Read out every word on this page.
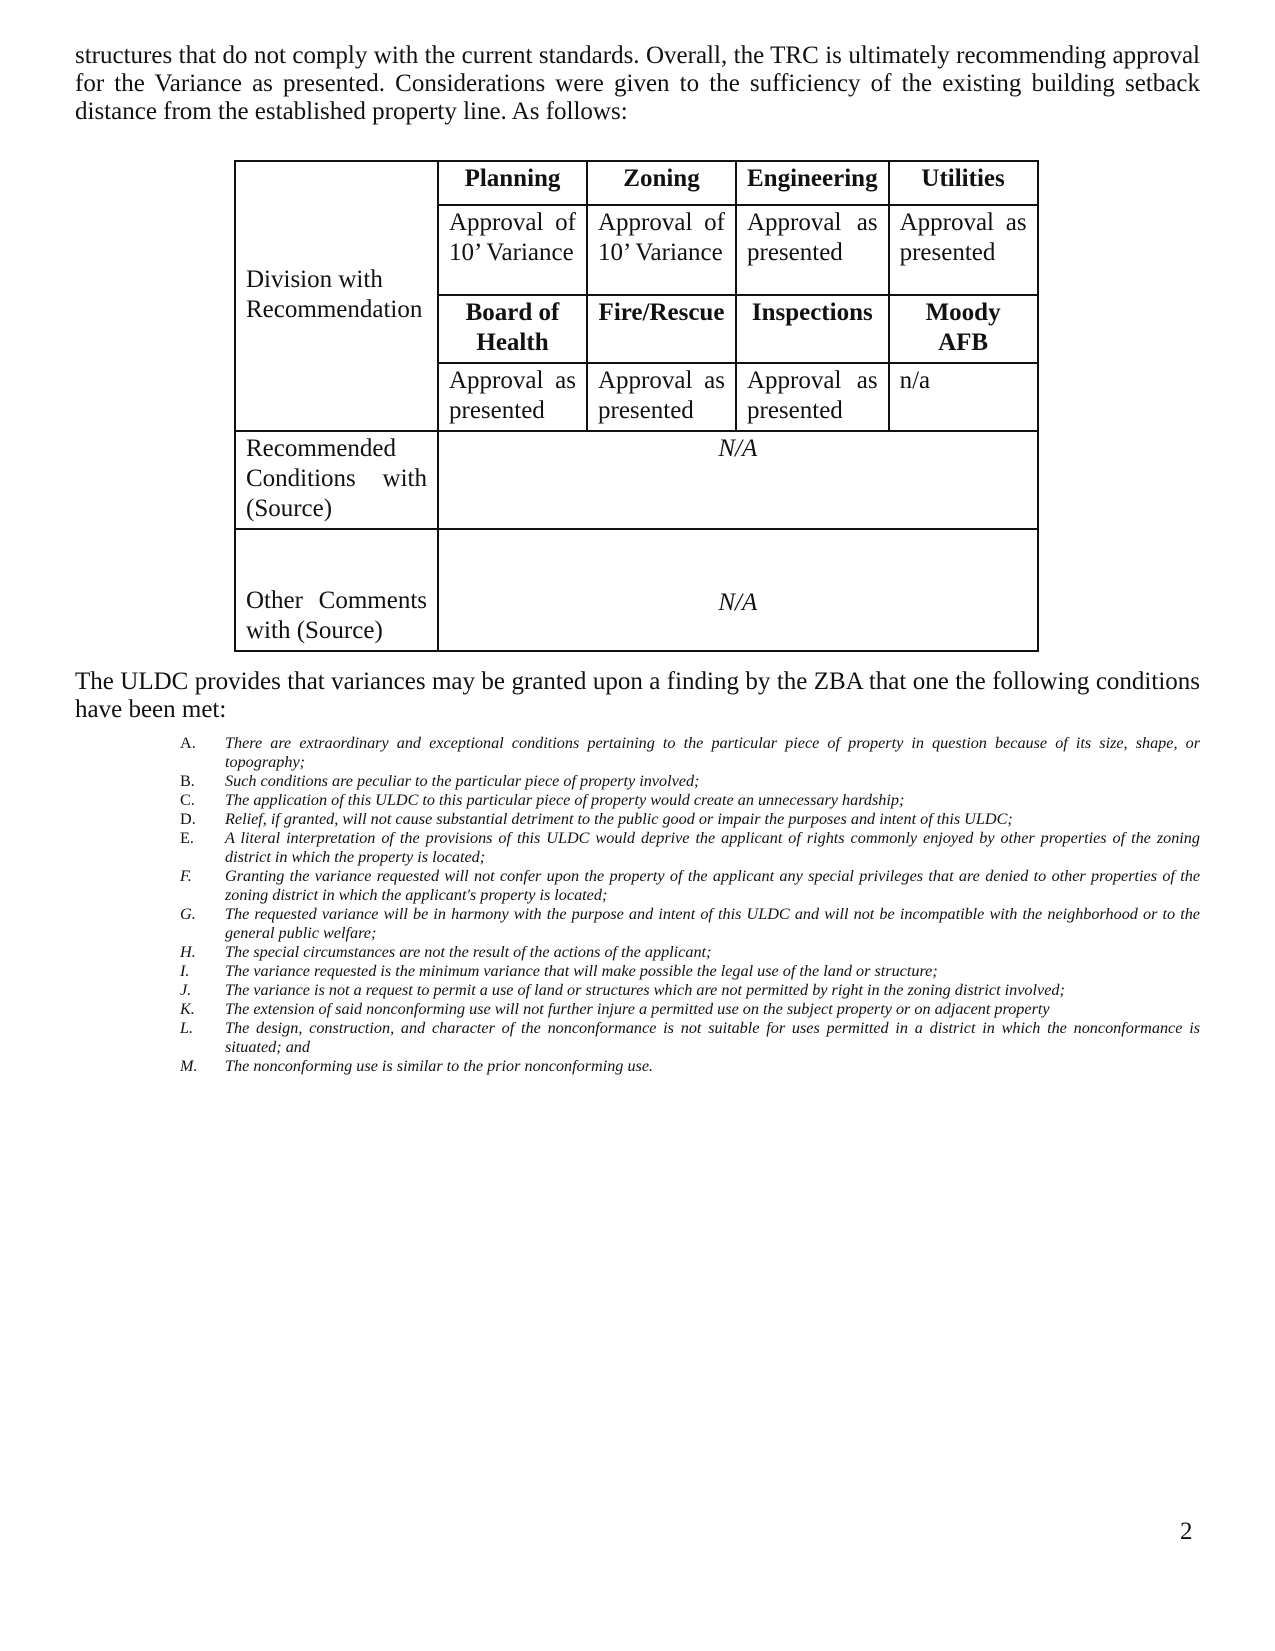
structures that do not comply with the current standards. Overall, the TRC is ultimately recommending approval
for the Variance as presented. Considerations were given to the sufficiency of the existing building setback
distance from the established property line. As follows:
Division with Recommendation	Planning	Zoning	Engineering	Utilities
	Approval of 10’ Variance	Approval of 10’ Variance	Approval as presented	Approval as presented
	Board of Health	Fire/Rescue	Inspections	Moody AFB
	Approval as presented	Approval as presented	Approval as presented	n/a

Recommended Conditions with (Source)	N/A			

Other Comments with (Source)	N/A			

The ULDC provides that variances may be granted upon a finding by the ZBA that one the following conditions have been met:

A. There are extraordinary and exceptional conditions pertaining to the particular piece of property in question because of its size, shape, or topography;
B. Such conditions are peculiar to the particular piece of property involved;
C. The application of this ULDC to this particular piece of property would create an unnecessary hardship;
D. Relief, if granted, will not cause substantial detriment to the public good or impair the purposes and intent of this ULDC;
E. A literal interpretation of the provisions of this ULDC would deprive the applicant of rights commonly enjoyed by other properties of the zoning district in which the property is located;
F. Granting the variance requested will not confer upon the property of the applicant any special privileges that are denied to other properties of the zoning district in which the applicant's property is located;
G. The requested variance will be in harmony with the purpose and intent of this ULDC and will not be incompatible with the neighborhood or to the general public welfare;
H. The special circumstances are not the result of the actions of the applicant;
I. The variance requested is the minimum variance that will make possible the legal use of the land or structure;
J. The variance is not a request to permit a use of land or structures which are not permitted by right in the zoning district involved;
K. The extension of said nonconforming use will not further injure a permitted use on the subject property or on adjacent property
L. The design, construction, and character of the nonconformance is not suitable for uses permitted in a district in which the nonconformance is situated; and
M. The nonconforming use is similar to the prior nonconforming use.
2
